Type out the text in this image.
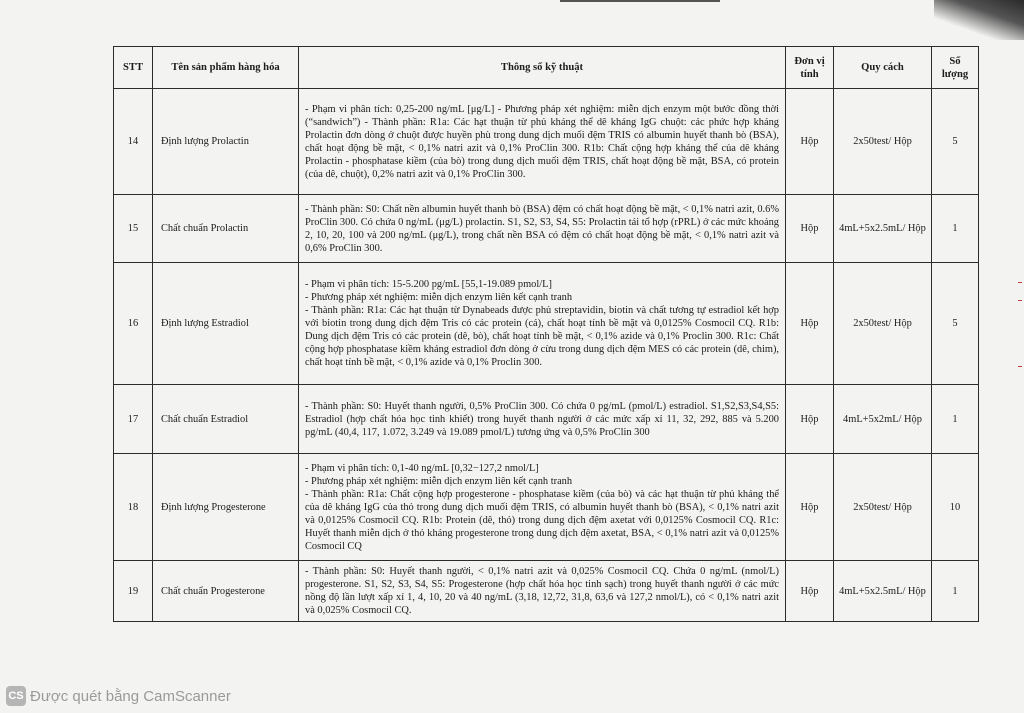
STT	Tên sản phẩm hàng hóa	Thông số kỹ thuật	Đơn vị tính	Quy cách	Số lượng
14	Định lượng Prolactin	- Phạm vi phân tích: 0,25-200 ng/mL [μg/L] - Phương pháp xét nghiệm: miễn dịch enzym một bước đồng thời (“sandwich”) - Thành phần: R1a: Các hạt thuận từ phủ kháng thể dê kháng IgG chuột: các phức hợp kháng Prolactin đơn dòng ở chuột được huyền phù trong dung dịch muối đệm TRIS có albumin huyết thanh bò (BSA), chất hoạt động bề mặt, < 0,1% natri azit và 0,1% ProClin 300. R1b: Chất cộng hợp kháng thể của dê kháng Prolactin - phosphatase kiềm (của bò) trong dung dịch muối đệm TRIS, chất hoạt động bề mặt, BSA, có protein (của dê, chuột), 0,2% natri azit và 0,1% ProClin 300.	Hộp	2x50test/ Hộp	5
15	Chất chuẩn Prolactin	- Thành phần: S0: Chất nền albumin huyết thanh bò (BSA) đệm có chất hoạt động bề mặt, < 0,1% natri azit, 0.6% ProClin 300. Có chứa 0 ng/mL (μg/L) prolactin. S1, S2, S3, S4, S5: Prolactin tái tổ hợp (rPRL) ở các mức khoảng 2, 10, 20, 100 và 200 ng/mL (μg/L), trong chất nền BSA có đệm có chất hoạt động bề mặt, < 0,1% natri azit và 0,6% ProClin 300.	Hộp	4mL+5x2.5mL/ Hộp	1
16	Định lượng Estradiol	- Phạm vi phân tích: 15-5.200 pg/mL [55,1-19.089 pmol/L]
- Phương pháp xét nghiệm: miễn dịch enzym liên kết cạnh tranh
- Thành phần: R1a: Các hạt thuận từ Dynabeads được phủ streptavidin, biotin và chất tương tự estradiol kết hợp với biotin trong dung dịch đệm Tris có các protein (cá), chất hoạt tính bề mặt và 0,0125% Cosmocil CQ. R1b: Dung dịch đệm Tris có các protein (dê, bò), chất hoạt tính bề mặt, < 0,1% azide và 0,1% Proclin 300. R1c: Chất cộng hợp phosphatase kiềm kháng estradiol đơn dòng ở cừu trong dung dịch đệm MES có các protein (dê, chim), chất hoạt tính bề mặt, < 0,1% azide và 0,1% Proclin 300.	Hộp	2x50test/ Hộp	5
17	Chất chuẩn Estradiol	- Thành phần: S0: Huyết thanh người, 0,5% ProClin 300. Có chứa 0 pg/mL (pmol/L) estradiol. S1,S2,S3,S4,S5: Estradiol (hợp chất hóa học tinh khiết) trong huyết thanh người ở các mức xấp xỉ 11, 32, 292, 885 và 5.200 pg/mL (40,4, 117, 1.072, 3.249 và 19.089 pmol/L) tương ứng và 0,5% ProClin 300	Hộp	4mL+5x2mL/ Hộp	1
18	Định lượng Progesterone	- Phạm vi phân tích: 0,1-40 ng/mL [0,32−127,2 nmol/L]
- Phương pháp xét nghiệm: miễn dịch enzym liên kết cạnh tranh
- Thành phần: R1a: Chất cộng hợp progesterone - phosphatase kiềm (của bò) và các hạt thuận từ phủ kháng thể của dê kháng IgG của thỏ trong dung dịch muối đệm TRIS, có albumin huyết thanh bò (BSA), < 0,1% natri azit và 0,0125% Cosmocil CQ. R1b: Protein (dê, thỏ) trong dung dịch đệm axetat với 0,0125% Cosmocil CQ. R1c: Huyết thanh miễn dịch ở thỏ kháng progesterone trong dung dịch đệm axetat, BSA, < 0,1% natri azit và 0,0125% Cosmocil CQ	Hộp	2x50test/ Hộp	10
19	Chất chuẩn Progesterone	- Thành phần: S0: Huyết thanh người, < 0,1% natri azit và 0,025% Cosmocil CQ. Chứa 0 ng/mL (nmol/L) progesterone. S1, S2, S3, S4, S5: Progesterone (hợp chất hóa học tinh sạch) trong huyết thanh người ở các mức nồng độ lần lượt xấp xỉ 1, 4, 10, 20 và 40 ng/mL (3,18, 12,72, 31,8, 63,6 và 127,2 nmol/L), có < 0,1% natri azit và 0,025% Cosmocil CQ.	Hộp	4mL+5x2.5mL/ Hộp	1
CS Được quét bằng CamScanner
